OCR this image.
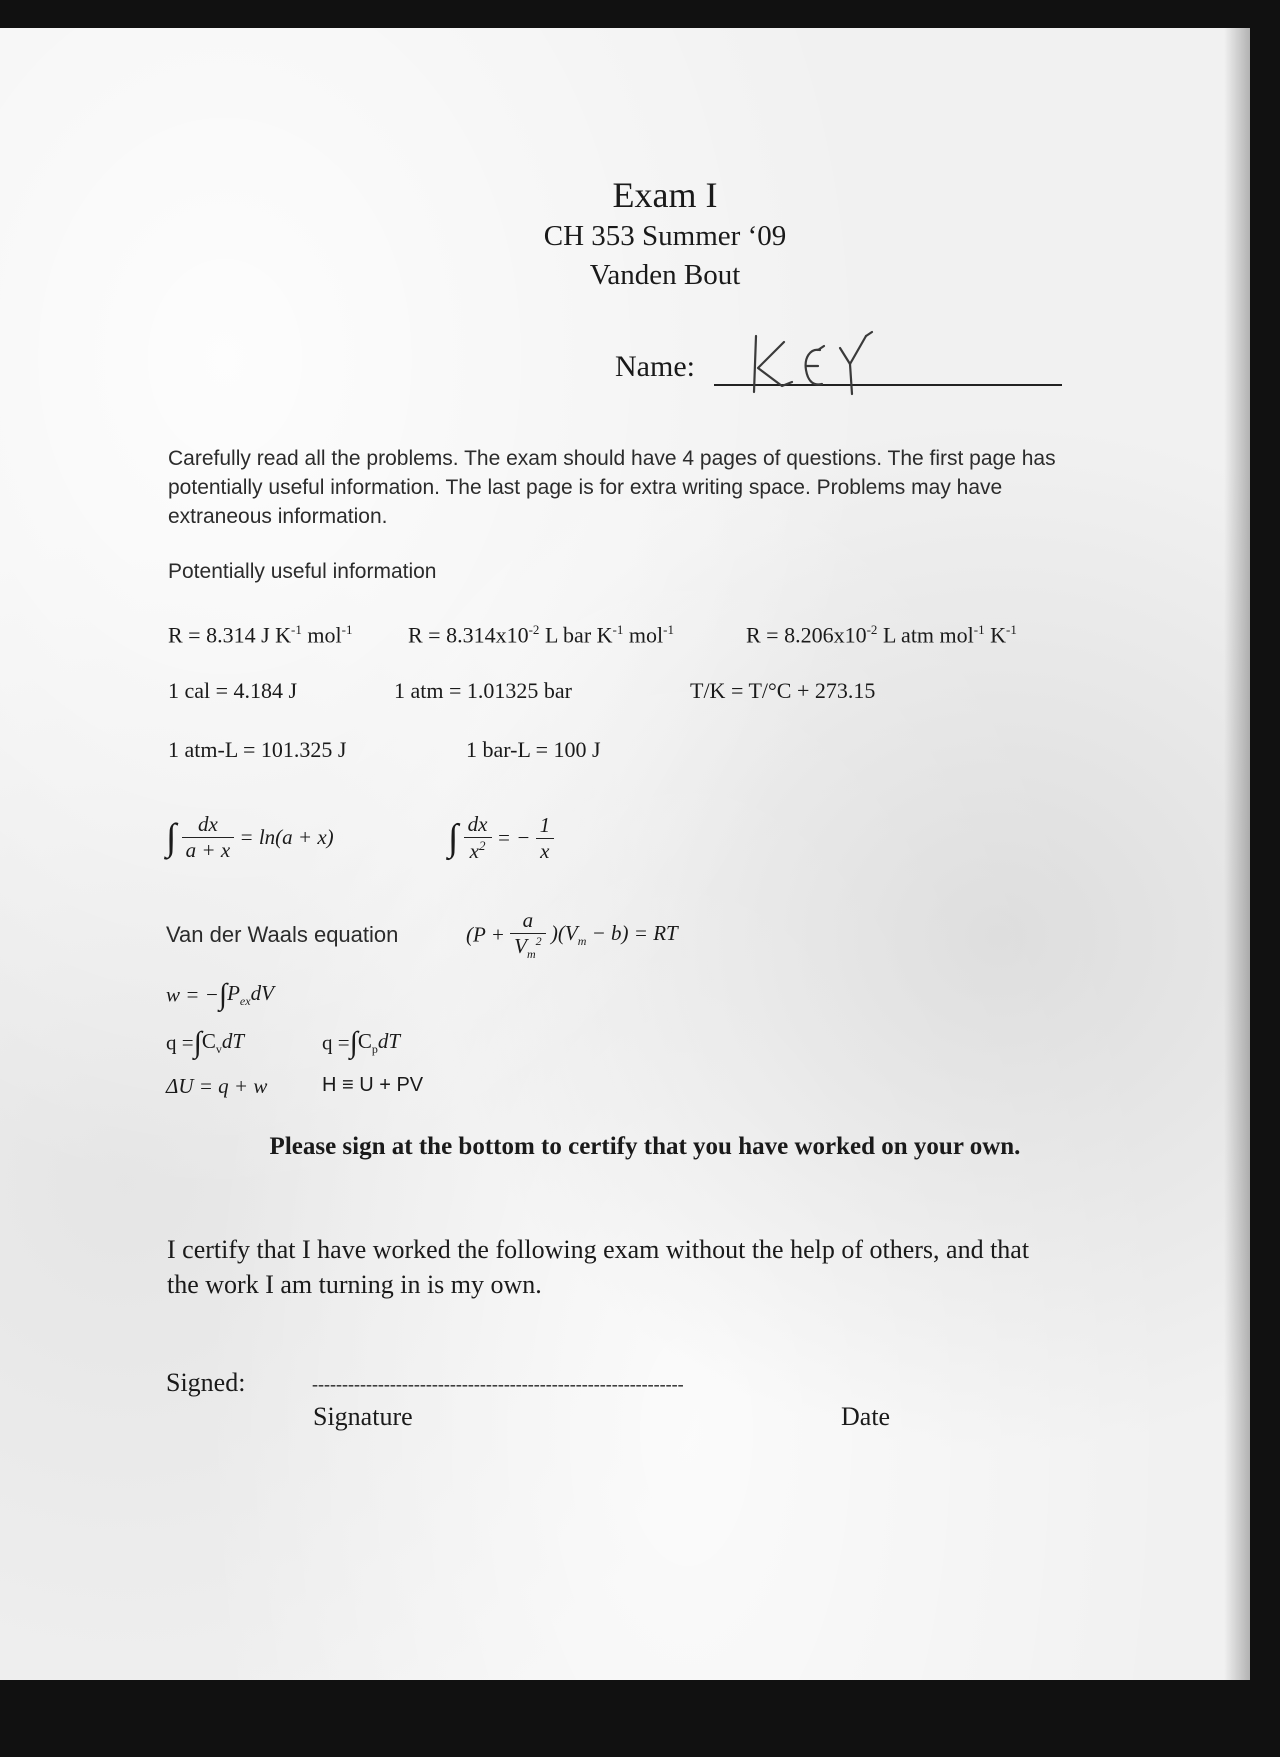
Exam I
CH 353 Summer ‘09
Vanden Bout
Name:
Carefully read all the problems. The exam should have 4 pages of questions. The first page has potentially useful information. The last page is for extra writing space. Problems may have extraneous information.
Potentially useful information
R = 8.314 J $K^{-1}$ mol$^{-1}$	$R = 8.314x10^{-2}$ L bar $K^{-1}$ mol$^{-1}$	$R = 8.206x10^{-2}$ L atm mol$^{-1}$ $K^{-1}$
1 cal = 4.184 J	1 atm = 1.01325 bar	T/K = T/°C + 273.15
1 atm-L = 101.325 J	1 bar-L = 100 J
∫ $\frac{dx}{a + x} = \ln(a + x)$	∫ $\frac{dx}{x^2}$ = − $\frac{1}{x}$
Van der Waals equation	$(P + \frac{a}{V_m^2} )(V_m - b)$ = RT
$w = -\int P_{ex}dV$
$q =\int C_vdT$	$q =\int C_pdT$
ΔU = q + w	H ≡ U + PV
Please sign at the bottom to certify that you have worked on your own.
I certify that I have worked the following exam without the help of others, and that the work I am turning in is my own.
Signed:	--------------------------------------------------------------
Signature	Date
